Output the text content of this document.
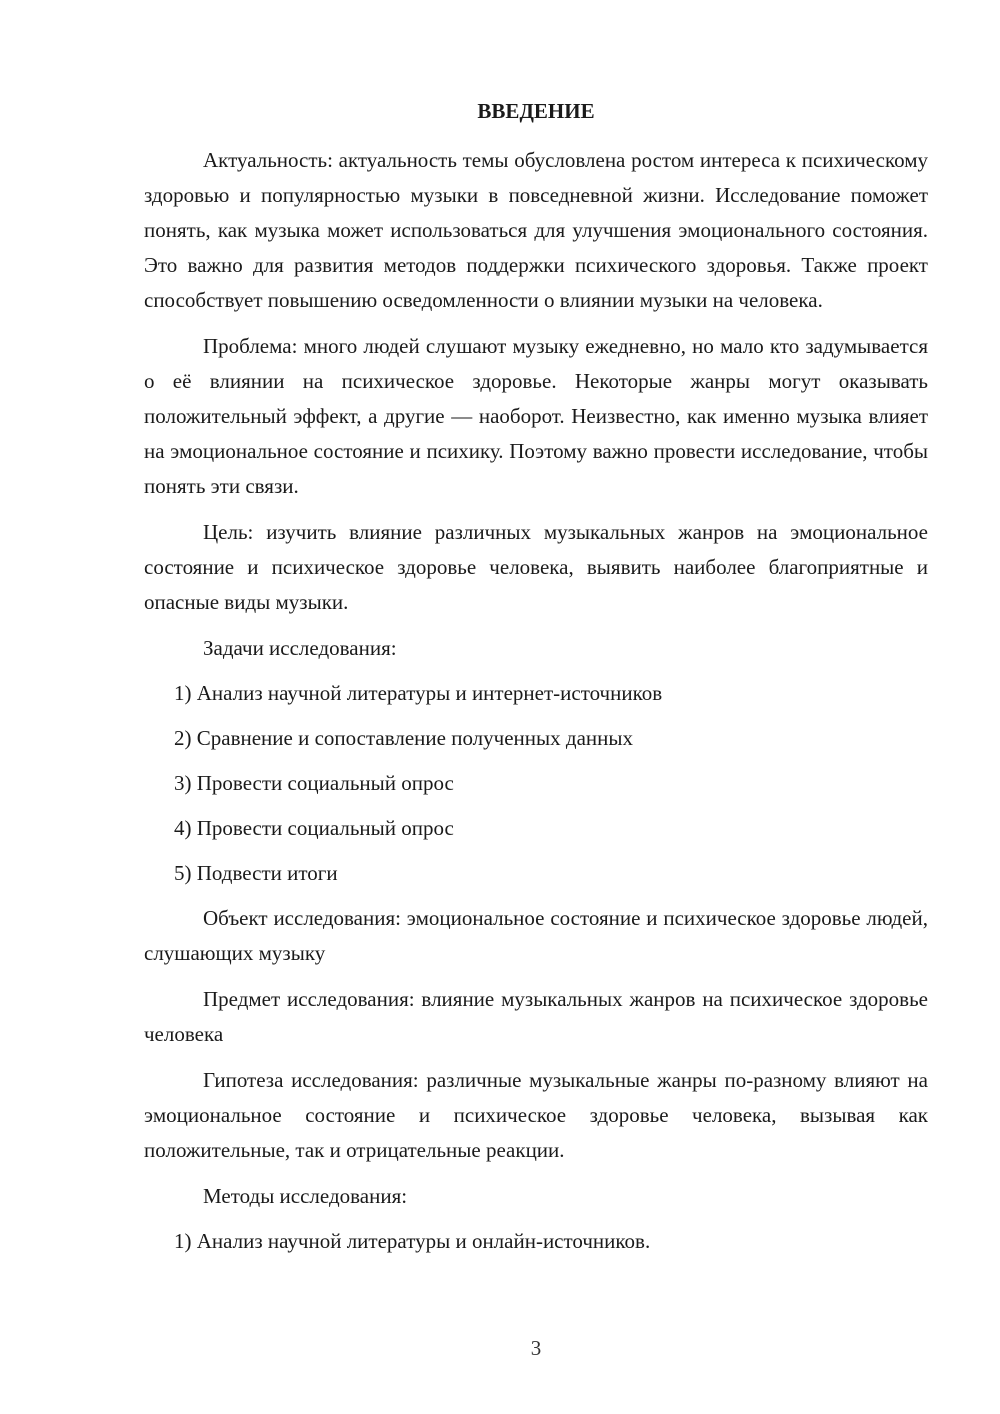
ВВЕДЕНИЕ

Актуальность: актуальность темы обусловлена ростом интереса к психическому здоровью и популярностью музыки в повседневной жизни. Исследование поможет понять, как музыка может использоваться для улучшения эмоционального состояния. Это важно для развития методов поддержки психического здоровья. Также проект способствует повышению осведомленности о влиянии музыки на человека.

Проблема: много людей слушают музыку ежедневно, но мало кто задумывается о её влиянии на психическое здоровье. Некоторые жанры могут оказывать положительный эффект, а другие — наоборот. Неизвестно, как именно музыка влияет на эмоциональное состояние и психику. Поэтому важно провести исследование, чтобы понять эти связи.

Цель: изучить влияние различных музыкальных жанров на эмоциональное состояние и психическое здоровье человека, выявить наиболее благоприятные и опасные виды музыки.

Задачи исследования:

1) Анализ научной литературы и интернет-источников
2) Сравнение и сопоставление полученных данных
3) Провести социальный опрос
4) Провести социальный опрос
5) Подвести итоги

Объект исследования: эмоциональное состояние и психическое здоровье людей, слушающих музыку

Предмет исследования: влияние музыкальных жанров на психическое здоровье человека

Гипотеза исследования: различные музыкальные жанры по-разному влияют на эмоциональное состояние и психическое здоровье человека, вызывая как положительные, так и отрицательные реакции.

Методы исследования:

1) Анализ научной литературы и онлайн-источников.
3
